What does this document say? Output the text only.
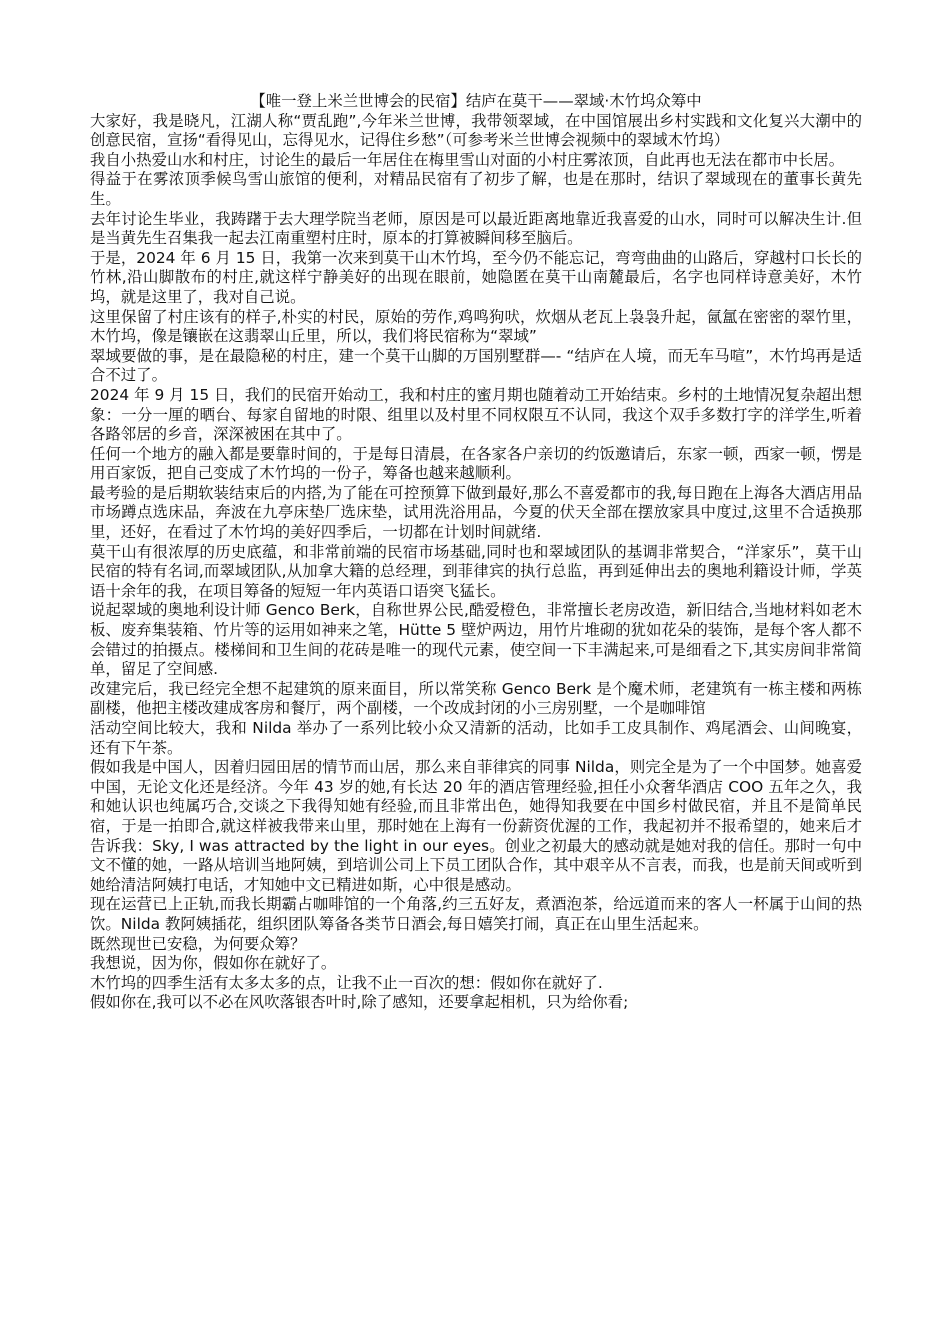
【唯一登上米兰世博会的民宿】结庐在莫干——翠域·木竹坞众筹中

大家好，我是晓凡，江湖人称“贾乱跑”,今年米兰世博，我带领翠域，在中国馆展出乡村实践和文化复兴大潮中的创意民宿，宣扬“看得见山，忘得见水，记得住乡愁”（可参考米兰世博会视频中的翠域木竹坞）

我自小热爱山水和村庄，讨论生的最后一年居住在梅里雪山对面的小村庄雾浓顶，自此再也无法在都市中长居。

得益于在雾浓顶季候鸟雪山旅馆的便利，对精品民宿有了初步了解，也是在那时，结识了翠域现在的董事长黄先生。

去年讨论生毕业，我踌躇于去大理学院当老师，原因是可以最近距离地靠近我喜爱的山水，同时可以解决生计.但是当黄先生召集我一起去江南重塑村庄时，原本的打算被瞬间移至脑后。

于是，2024 年 6 月 15 日，我第一次来到莫干山木竹坞，至今仍不能忘记，弯弯曲曲的山路后，穿越村口长长的竹林,沿山脚散布的村庄,就这样宁静美好的出现在眼前，她隐匿在莫干山南麓最后，名字也同样诗意美好，木竹坞，就是这里了，我对自己说。

这里保留了村庄该有的样子,朴实的村民，原始的劳作,鸡鸣狗吠，炊烟从老瓦上袅袅升起，氤氲在密密的翠竹里，木竹坞，像是镶嵌在这翡翠山丘里，所以，我们将民宿称为“翠域”

翠域要做的事，是在最隐秘的村庄，建一个莫干山脚的万国别墅群—- “结庐在人境，而无车马喧”，木竹坞再是适合不过了。

2024 年 9 月 15 日，我们的民宿开始动工，我和村庄的蜜月期也随着动工开始结束。乡村的土地情况复杂超出想象：一分一厘的晒台、每家自留地的时限、组里以及村里不同权限互不认同，我这个双手多数打字的洋学生,听着各路邻居的乡音，深深被困在其中了。

任何一个地方的融入都是要靠时间的，于是每日清晨，在各家各户亲切的约饭邀请后，东家一顿，西家一顿，愣是用百家饭，把自己变成了木竹坞的一份子，筹备也越来越顺利。

最考验的是后期软装结束后的内搭,为了能在可控预算下做到最好,那么不喜爱都市的我,每日跑在上海各大酒店用品市场蹲点选床品，奔波在九亭床垫厂选床垫，试用洗浴用品，今夏的伏天全部在摆放家具中度过,这里不合适换那里，还好，在看过了木竹坞的美好四季后，一切都在计划时间就绪.

莫干山有很浓厚的历史底蕴，和非常前端的民宿市场基础,同时也和翠域团队的基调非常契合，“洋家乐”，莫干山民宿的特有名词,而翠域团队,从加拿大籍的总经理，到菲律宾的执行总监，再到延伸出去的奥地利籍设计师，学英语十余年的我，在项目筹备的短短一年内英语口语突飞猛长。

说起翠域的奥地利设计师 Genco Berk，自称世界公民,酷爱橙色，非常擅长老房改造，新旧结合,当地材料如老木板、废弃集装箱、竹片等的运用如神来之笔，Hütte 5 壁炉两边，用竹片堆砌的犹如花朵的装饰，是每个客人都不会错过的拍摄点。楼梯间和卫生间的花砖是唯一的现代元素，使空间一下丰满起来,可是细看之下,其实房间非常简单，留足了空间感.

改建完后，我已经完全想不起建筑的原来面目，所以常笑称 Genco Berk 是个魔术师，老建筑有一栋主楼和两栋副楼，他把主楼改建成客房和餐厅，两个副楼，一个改成封闭的小三房别墅，一个是咖啡馆

活动空间比较大，我和 Nilda 举办了一系列比较小众又清新的活动，比如手工皮具制作、鸡尾酒会、山间晚宴，还有下午茶。

假如我是中国人，因着归园田居的情节而山居，那么来自菲律宾的同事 Nilda，则完全是为了一个中国梦。她喜爱中国，无论文化还是经济。今年 43 岁的她,有长达 20 年的酒店管理经验,担任小众奢华酒店 COO 五年之久，我和她认识也纯属巧合,交谈之下我得知她有经验,而且非常出色，她得知我要在中国乡村做民宿，并且不是简单民宿，于是一拍即合,就这样被我带来山里，那时她在上海有一份薪资优渥的工作，我起初并不报希望的，她来后才告诉我：Sky, I was attracted by the light in our eyes。创业之初最大的感动就是她对我的信任。那时一句中文不懂的她，一路从培训当地阿姨，到培训公司上下员工团队合作，其中艰辛从不言表，而我，也是前天间或听到她给清洁阿姨打电话，才知她中文已精进如斯，心中很是感动。

现在运营已上正轨,而我长期霸占咖啡馆的一个角落,约三五好友，煮酒泡茶，给远道而来的客人一杯属于山间的热饮。Nilda 教阿姨插花，组织团队筹备各类节日酒会,每日嬉笑打闹，真正在山里生活起来。

既然现世已安稳，为何要众筹？

我想说，因为你，假如你在就好了。

木竹坞的四季生活有太多太多的点，让我不止一百次的想：假如你在就好了.

假如你在,我可以不必在风吹落银杏叶时,除了感知，还要拿起相机，只为给你看;
